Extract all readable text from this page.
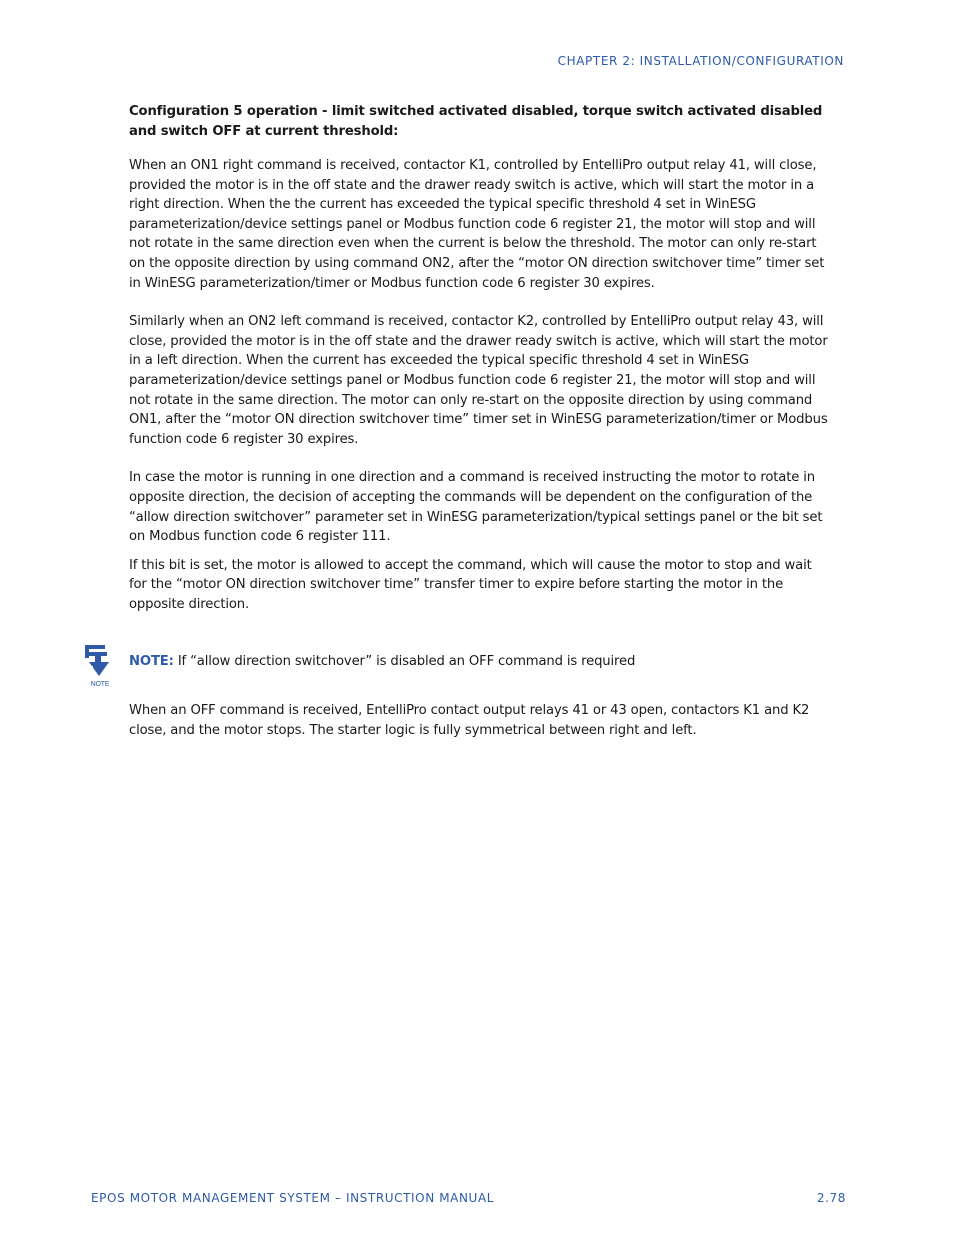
CHAPTER 2: INSTALLATION/CONFIGURATION

Configuration 5 operation - limit switched activated disabled, torque switch activated disabled and switch OFF at current threshold:

When an ON1 right command is received, contactor K1, controlled by EntelliPro output relay 41, will close, provided the motor is in the off state and the drawer ready switch is active, which will start the motor in a right direction. When the the current has exceeded the typical specific threshold 4 set in WinESG parameterization/device settings panel or Modbus function code 6 register 21, the motor will stop and will not rotate in the same direction even when the current is below the threshold. The motor can only re-start on the opposite direction by using command ON2, after the “motor ON direction switchover time” timer set in WinESG parameterization/timer or Modbus function code 6 register 30 expires.

Similarly when an ON2 left command is received, contactor K2, controlled by EntelliPro output relay 43, will close, provided the motor is in the off state and the drawer ready switch is active, which will start the motor in a left direction. When the current has exceeded the typical specific threshold 4 set in WinESG parameterization/device settings panel or Modbus function code 6 register 21, the motor will stop and will not rotate in the same direction. The motor can only re-start on the opposite direction by using command ON1, after the “motor ON direction switchover time” timer set in WinESG parameterization/timer or Modbus function code 6 register 30 expires.

In case the motor is running in one direction and a command is received instructing the motor to rotate in opposite direction, the decision of accepting the commands will be dependent on the configuration of the “allow direction switchover” parameter set in WinESG parameterization/typical settings panel or the bit set on Modbus function code 6 register 111.

If this bit is set, the motor is allowed to accept the command, which will cause the motor to stop and wait for the “motor ON direction switchover time” transfer timer to expire before starting the motor in the opposite direction.

NOTE
NOTE: If “allow direction switchover” is disabled an OFF command is required

When an OFF command is received, EntelliPro contact output relays 41 or 43 open, contactors K1 and K2 close, and the motor stops. The starter logic is fully symmetrical between right and left.

EPOS MOTOR MANAGEMENT SYSTEM – INSTRUCTION MANUAL	2.78
